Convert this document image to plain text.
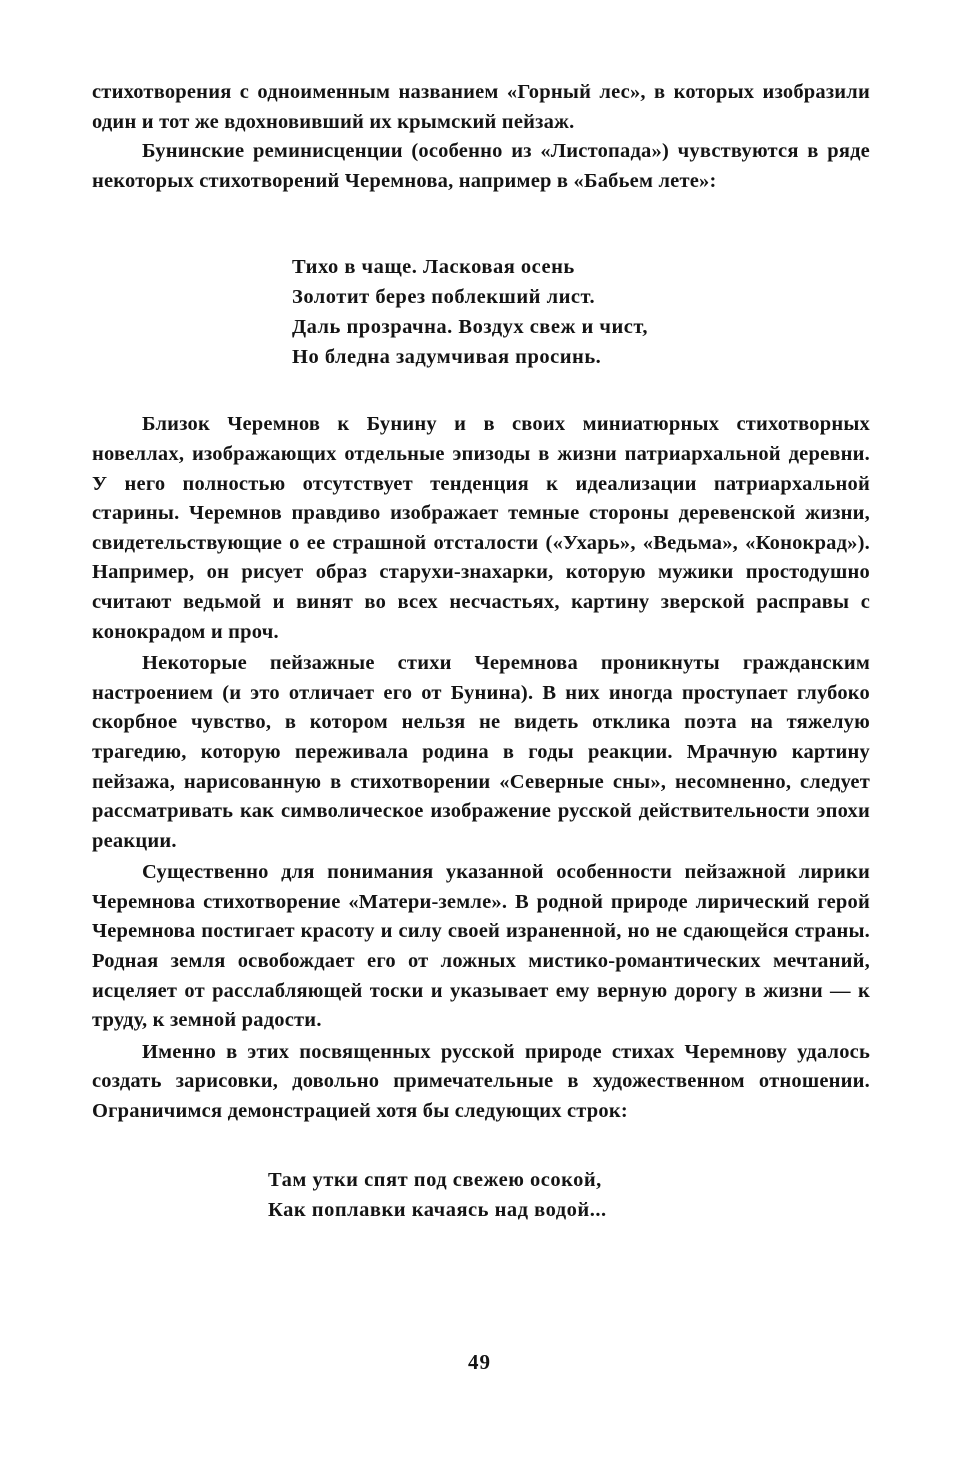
стихотворения с одноименным названием «Горный лес», в которых изобразили один и тот же вдохновивший их крымский пейзаж.

Бунинские реминисценции (особенно из «Листопада») чувствуются в ряде некоторых стихотворений Черемнова, например в «Бабьем лете»:

Тихо в чаще. Ласковая осень
Золотит берез поблекший лист.
Даль прозрачна. Воздух свеж и чист,
Но бледна задумчивая просинь.

Близок Черемнов к Бунину и в своих миниатюрных стихотворных новеллах, изображающих отдельные эпизоды в жизни патриархальной деревни. У него полностью отсутствует тенденция к идеализации патриархальной старины. Черемнов правдиво изображает темные стороны деревенской жизни, свидетельствующие о ее страшной отсталости («Ухарь», «Ведьма», «Конокрад»). Например, он рисует образ старухи-знахарки, которую мужики простодушно считают ведьмой и винят во всех несчастьях, картину зверской расправы с конокрадом и проч.

Некоторые пейзажные стихи Черемнова проникнуты гражданским настроением (и это отличает его от Бунина). В них иногда проступает глубоко скорбное чувство, в котором нельзя не видеть отклика поэта на тяжелую трагедию, которую переживала родина в годы реакции. Мрачную картину пейзажа, нарисованную в стихотворении «Северные сны», несомненно, следует рассматривать как символическое изображение русской действительности эпохи реакции.

Существенно для понимания указанной особенности пейзажной лирики Черемнова стихотворение «Матери-земле». В родной природе лирический герой Черемнова постигает красоту и силу своей израненной, но не сдающейся страны. Родная земля освобождает его от ложных мистико-романтических мечтаний, исцеляет от расслабляющей тоски и указывает ему верную дорогу в жизни — к труду, к земной радости.

Именно в этих посвященных русской природе стихах Черемнову удалось создать зарисовки, довольно примечательные в художественном отношении. Ограничимся демонстрацией хотя бы следующих строк:

Там утки спят под свежею осокой,
Как поплавки качаясь над водой...
49
